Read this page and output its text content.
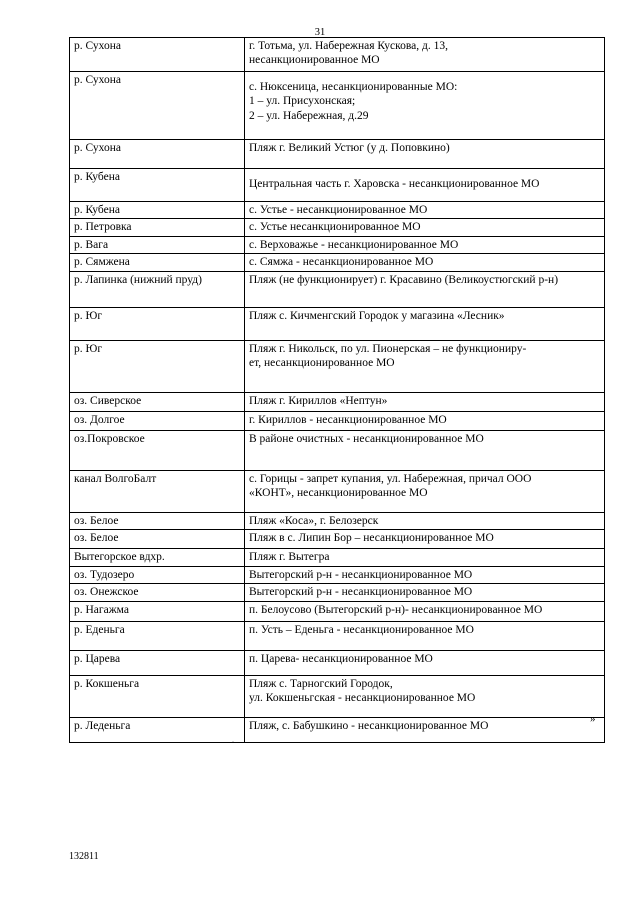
31
р. Сухона	г. Тотьма, ул. Набережная Кускова, д. 13,
несанкционированное МО

р. Сухона	с. Нюксеница, несанкционированные МО:
1 – ул. Присухонская;
2 – ул. Набережная, д.29

р. Сухона	Пляж г. Великий Устюг (у д. Поповкино)

р. Кубена	Центральная часть г. Харовска - несанкционированное МО

р. Кубена	с. Устье - несанкционированное МО

р. Петровка	с. Устье несанкционированное МО

р. Вага	с. Верховажье - несанкционированное МО

р. Сямжена	с. Сямжа - несанкционированное МО

р. Лапинка (нижний пруд)	Пляж (не функционирует) г. Красавино (Великоустюгский р-н)

р. Юг	Пляж с. Кичменгский Городок у магазина «Лесник»

р. Юг	Пляж г. Никольск, по ул. Пионерская – не функциониру-
ет, несанкционированное МО

оз. Сиверское	Пляж г. Кириллов «Нептун»

оз. Долгое	г. Кириллов - несанкционированное МО

оз.Покровское	В районе очистных - несанкционированное МО

канал ВолгоБалт	с. Горицы - запрет купания, ул. Набережная, причал ООО
«КОНТ», несанкционированное МО

оз. Белое	Пляж «Коса», г. Белозерск

оз. Белое	Пляж в с. Липин Бор – несанкционированное МО

Вытегорское вдхр.	Пляж г. Вытегра

оз. Тудозеро	Вытегорский р-н - несанкционированное МО

оз. Онежское	Вытегорский р-н - несанкционированное МО

р. Нагажма	п. Белоусово (Вытегорский р-н)- несанкционированное МО

р. Еденьга	п. Усть – Еденьга - несанкционированное МО

р. Царева	п. Царева- несанкционированное МО

р. Кокшеньга	Пляж с. Тарногский Городок,
ул. Кокшеньгская - несанкционированное МО

р. Леденьга	Пляж, с. Бабушкино - несанкционированное МО
»
.
132811
